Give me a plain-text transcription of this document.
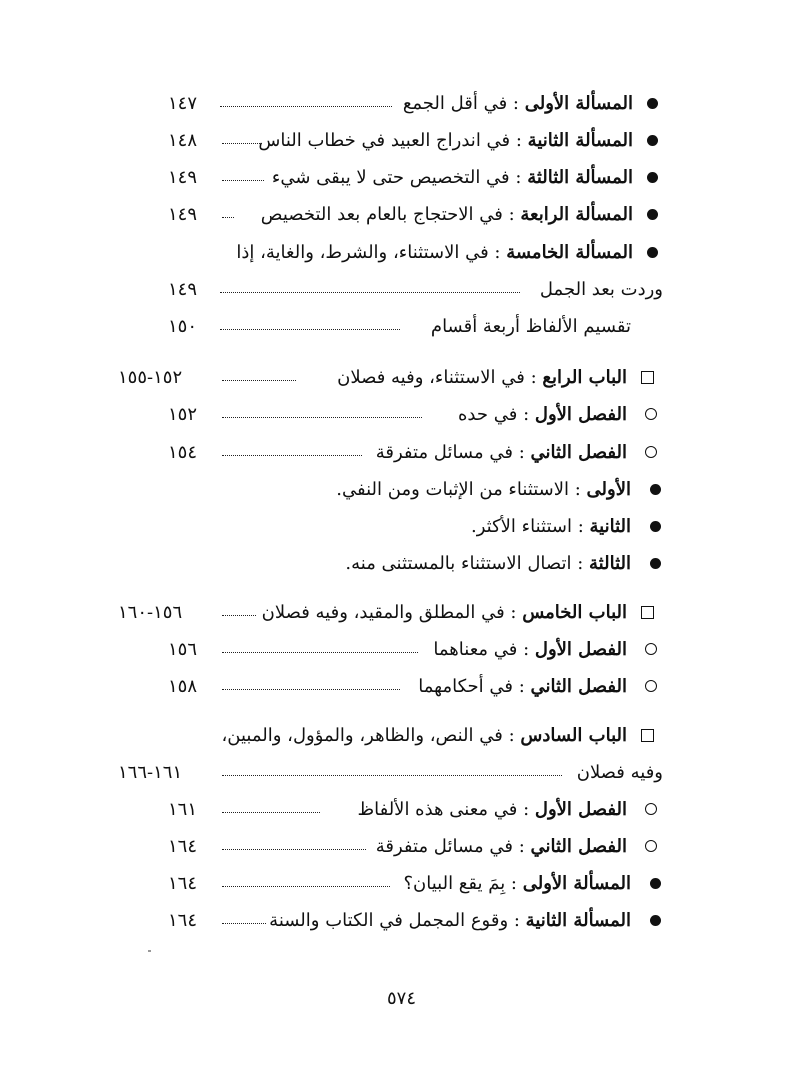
المسألة الأولى : في أقل الجمع
١٤٧
المسألة الثانية : في اندراج العبيد في خطاب الناس
١٤٨
المسألة الثالثة : في التخصيص حتى لا يبقى شيء
١٤٩
المسألة الرابعة : في الاحتجاج بالعام بعد التخصيص
١٤٩
المسألة الخامسة : في الاستثناء، والشرط، والغاية، إذا
وردت بعد الجمل
١٤٩
تقسيم الألفاظ أربعة أقسام
١٥٠
الباب الرابع : في الاستثناء، وفيه فصلان
١٥٢-١٥٥
الفصل الأول : في حده
١٥٢
الفصل الثاني : في مسائل متفرقة
١٥٤
الأولى : الاستثناء من الإثبات ومن النفي.
الثانية : استثناء الأكثر.
الثالثة : اتصال الاستثناء بالمستثنى منه.
الباب الخامس : في المطلق والمقيد، وفيه فصلان
١٥٦-١٦٠
الفصل الأول : في معناهما
١٥٦
الفصل الثاني : في أحكامهما
١٥٨
الباب السادس : في النص، والظاهر، والمؤول، والمبين،
وفيه فصلان
١٦١-١٦٦
الفصل الأول : في معنى هذه الألفاظ
١٦١
الفصل الثاني : في مسائل متفرقة
١٦٤
المسألة الأولى : بِمَ يقع البيان؟
١٦٤
المسألة الثانية : وقوع المجمل في الكتاب والسنة
١٦٤
٥٧٤
